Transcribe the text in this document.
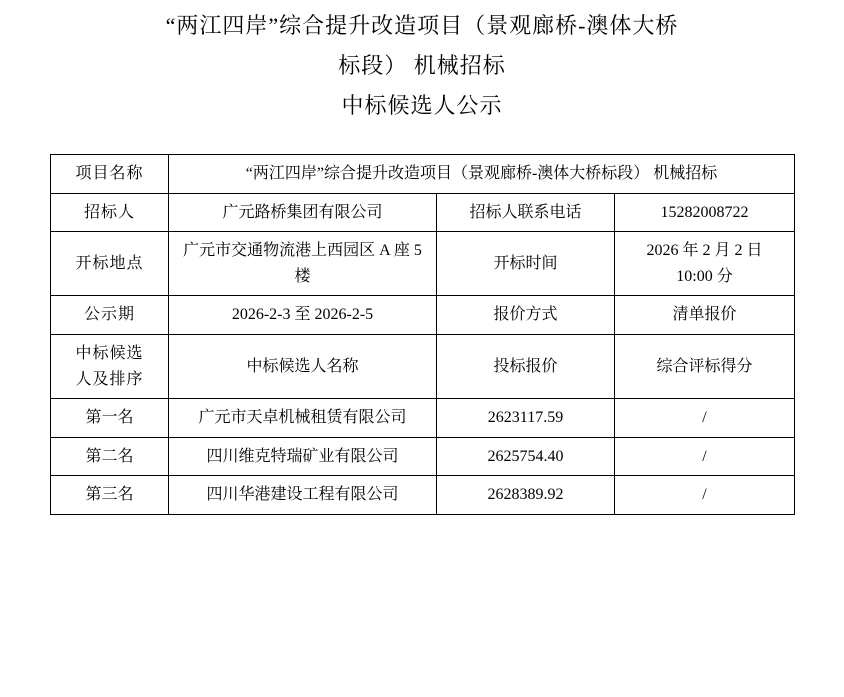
“两江四岸”综合提升改造项目（景观廊桥-澳体大桥
标段） 机械招标
中标候选人公示
项目名称	“两江四岸”综合提升改造项目（景观廊桥-澳体大桥标段） 机械招标		
招标人	广元路桥集团有限公司	招标人联系电话	15282008722
开标地点	广元市交通物流港上西园区 A 座 5 楼	开标时间	2026 年 2 月 2 日
10:00 分

公示期	2026-2-3 至 2026-2-5	报价方式	清单报价

中标候选
人及排序	中标候选人名称	投标报价	综合评标得分
第一名	广元市天卓机械租赁有限公司	2623117.59	/
第二名	四川维克特瑞矿业有限公司	2625754.40	/
第三名	四川华港建设工程有限公司	2628389.92	/
